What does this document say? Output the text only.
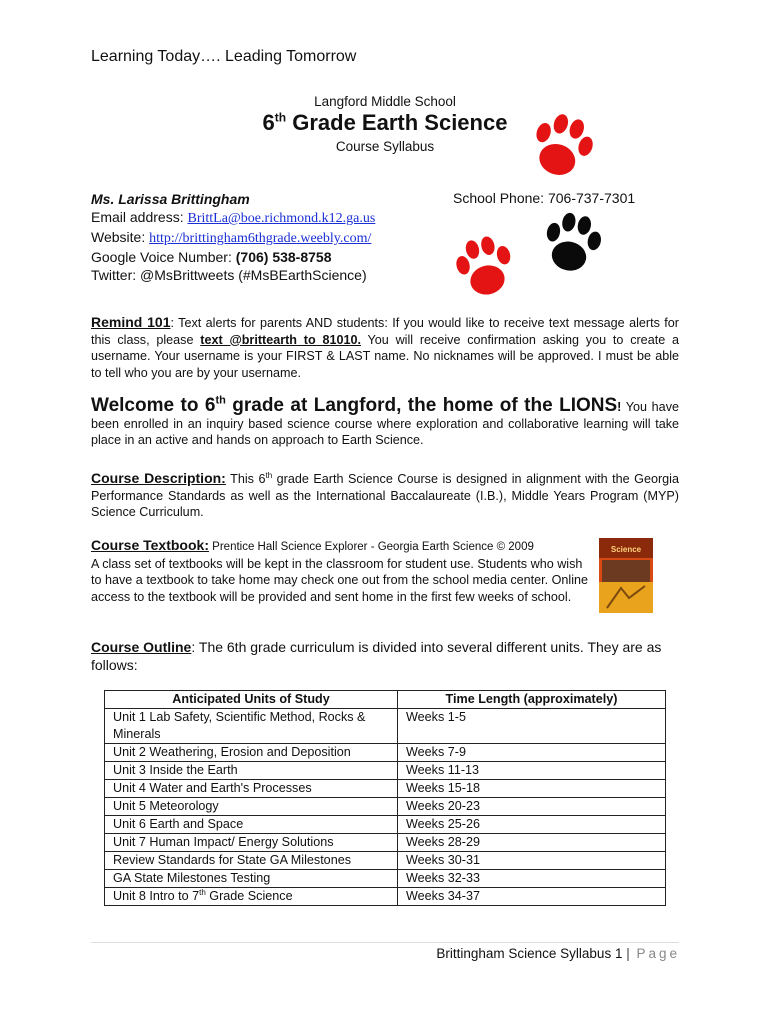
Learning Today…. Leading Tomorrow
Langford Middle School
6th Grade Earth Science
Course Syllabus
Ms. Larissa Brittingham
Email address: BrittLa@boe.richmond.k12.ga.us
Website: http://brittingham6thgrade.weebly.com/
Google Voice Number: (706) 538-8758
Twitter: @MsBrittweets (#MsBEarthScience)
School Phone: 706-737-7301
Remind 101: Text alerts for parents AND students: If you would like to receive text message alerts for this class, please text @brittearth to 81010. You will receive confirmation asking you to create a username. Your username is your FIRST & LAST name. No nicknames will be approved. I must be able to tell who you are by your username.
Welcome to 6th grade at Langford, the home of the LIONS! You have been enrolled in an inquiry based science course where exploration and collaborative learning will take place in an active and hands on approach to Earth Science.
Course Description: This 6th grade Earth Science Course is designed in alignment with the Georgia Performance Standards as well as the International Baccalaureate (I.B.), Middle Years Program (MYP) Science Curriculum.
Course Textbook: Prentice Hall Science Explorer - Georgia Earth Science © 2009
A class set of textbooks will be kept in the classroom for student use. Students who wish to have a textbook to take home may check one out from the school media center. Online access to the textbook will be provided and sent home in the first few weeks of school.
Science
Course Outline: The 6th grade curriculum is divided into several different units. They are as follows:
Anticipated Units of Study	Time Length (approximately)
Unit 1 Lab Safety, Scientific Method, Rocks & Minerals	Weeks 1-5
Unit 2 Weathering, Erosion and Deposition	Weeks 7-9
Unit 3 Inside the Earth	Weeks 11-13
Unit 4 Water and Earth's Processes	Weeks 15-18
Unit 5 Meteorology	Weeks 20-23
Unit 6 Earth and Space	Weeks 25-26
Unit 7 Human Impact/ Energy Solutions	Weeks 28-29
Review Standards for State GA Milestones	Weeks 30-31
GA State Milestones Testing	Weeks 32-33
Unit 8 Intro to 7th Grade Science	Weeks 34-37
Brittingham Science Syllabus 1 | Page
